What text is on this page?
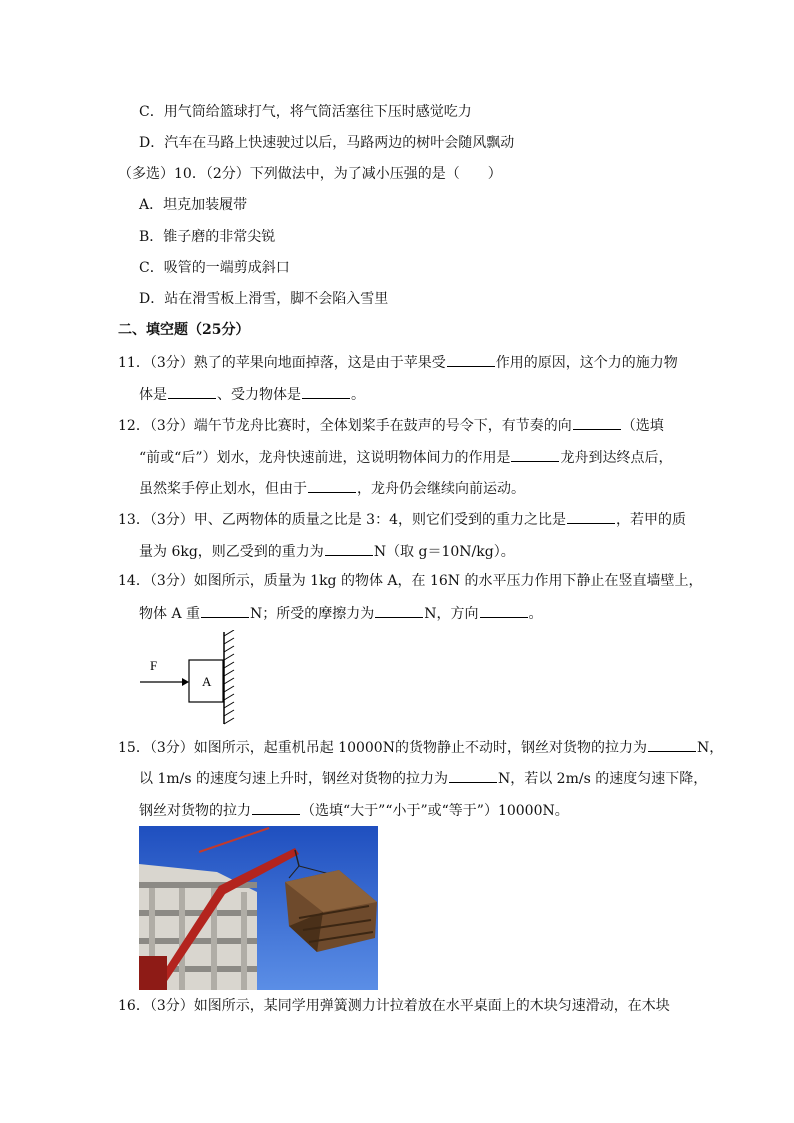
C．用气筒给篮球打气，将气筒活塞往下压时感觉吃力
D．汽车在马路上快速驶过以后，马路两边的树叶会随风飘动
（多选）10．（2分）下列做法中，为了减小压强的是（　　）
A．坦克加装履带
B．锥子磨的非常尖锐
C．吸管的一端剪成斜口
D．站在滑雪板上滑雪，脚不会陷入雪里
二、填空题（25分）
11．（3分）熟了的苹果向地面掉落，这是由于苹果受	作用的原因，这个力的施力物
体是	、受力物体是	。
12．（3分）端午节龙舟比赛时，全体划桨手在鼓声的号令下，有节奏的向	（选填
“前或“后”）划水，龙舟快速前进，这说明物体间力的作用是	龙舟到达终点后，
虽然桨手停止划水，但由于	，龙舟仍会继续向前运动。
13．（3分）甲、乙两物体的质量之比是 3：4，则它们受到的重力之比是	，若甲的质
量为 6kg，则乙受到的重力为	N（取 g＝10N/kg）。
14．（3分）如图所示，质量为 1kg 的物体 A，在 16N 的水平压力作用下静止在竖直墙壁上，
物体 A 重	N；所受的摩擦力为	N，方向	。
F
A
15．（3分）如图所示，起重机吊起 10000N的货物静止不动时，钢丝对货物的拉力为	N，
以 1m/s 的速度匀速上升时，钢丝对货物的拉力为	N，若以 2m/s 的速度匀速下降，
钢丝对货物的拉力	（选填“大于”“小于”或“等于”）10000N。
16．（3分）如图所示，某同学用弹簧测力计拉着放在水平桌面上的木块匀速滑动，在木块
